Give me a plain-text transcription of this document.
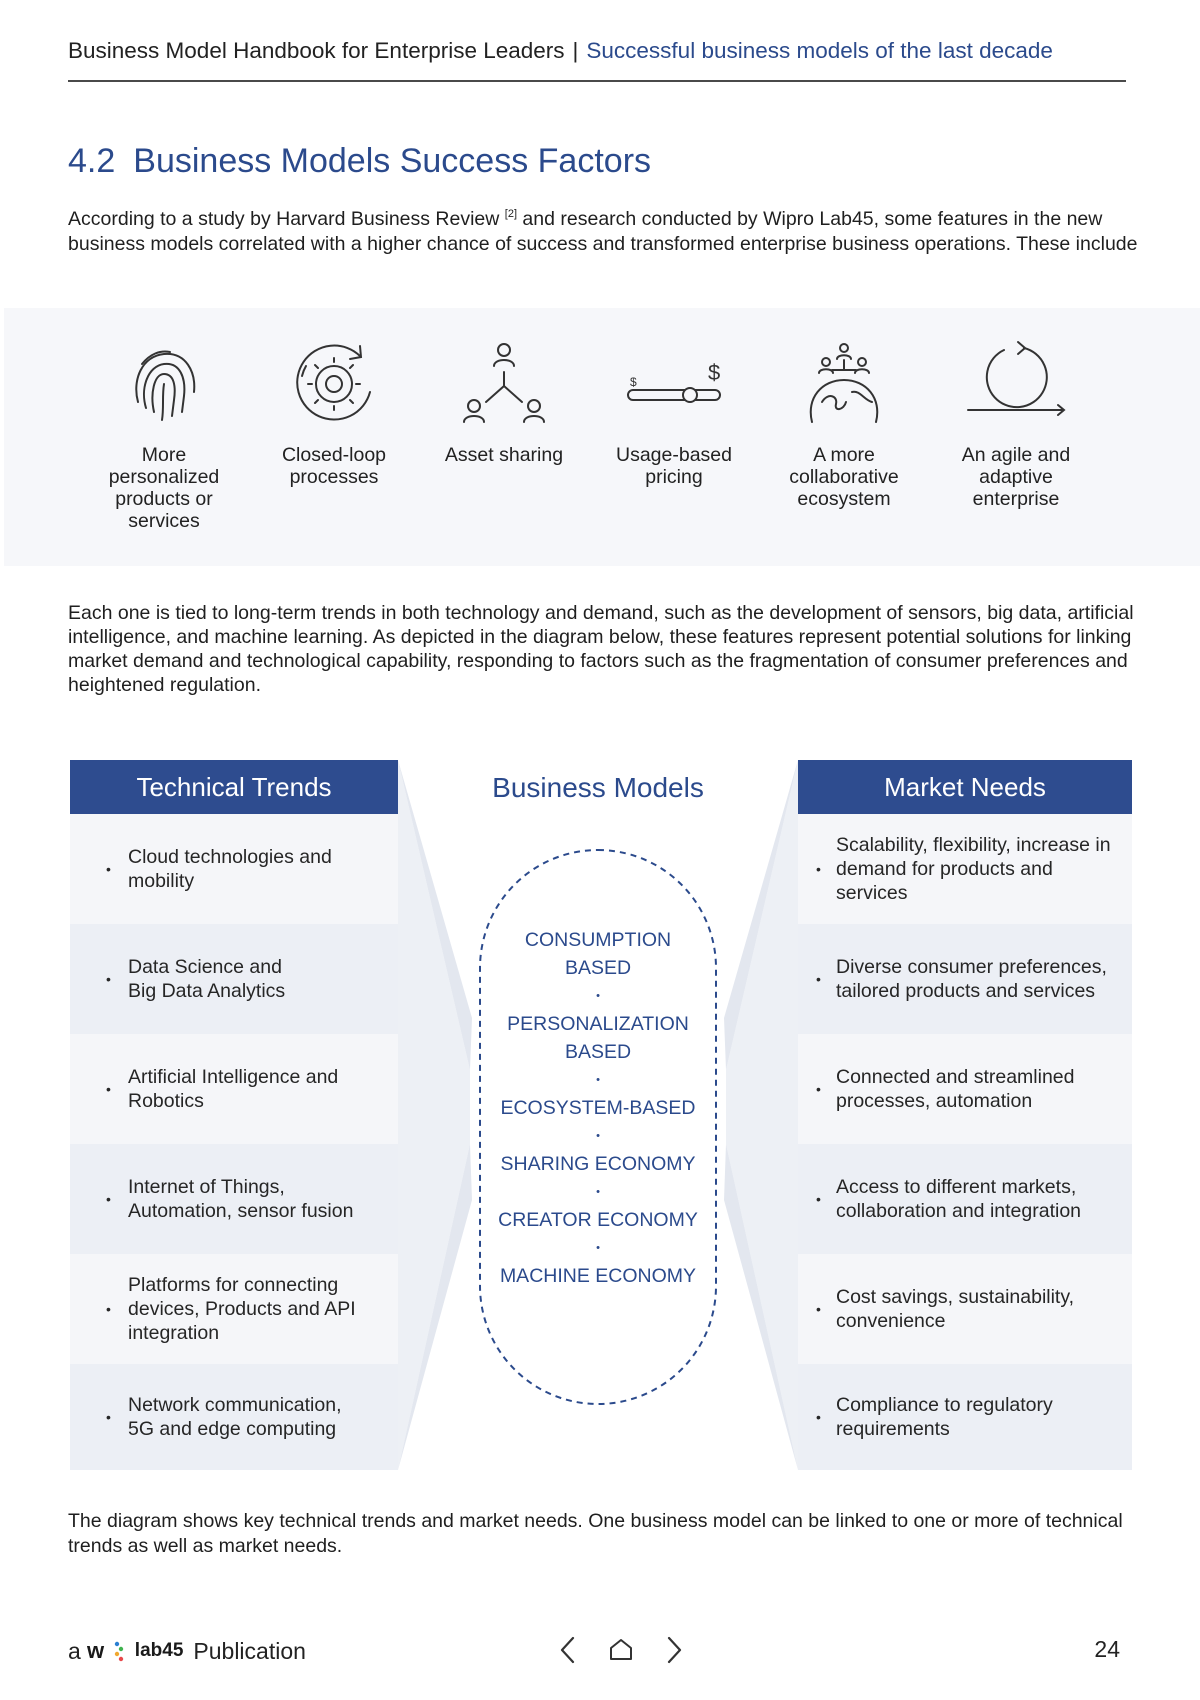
Business Model Handbook for Enterprise Leaders | Successful business models of the last decade
4.2 Business Models Success Factors

According to a study by Harvard Business Review [2] and research conducted by Wipro Lab45, some features in the new business models correlated with a higher chance of success and transformed enterprise business operations. These include

More personalized products or services
Closed-loop processes
Asset sharing
$	$
Usage-based pricing
A more collaborative ecosystem
An agile and adaptive enterprise

Each one is tied to long-term trends in both technology and demand, such as the development of sensors, big data, artificial intelligence, and machine learning. As depicted in the diagram below, these features represent potential solutions for linking market demand and technological capability, responding to factors such as the fragmentation of consumer preferences and heightened regulation.

Technical Trends	Market Needs
Business Models
•
Cloud technologies and mobility
•
Data Science and Big Data Analytics
•
Artificial Intelligence and Robotics
•
Internet of Things, Automation, sensor fusion
•
Platforms for connecting devices, Products and API integration
•
Network communication, 5G and edge computing
•
Scalability, flexibility, increase in demand for products and services
•
Diverse consumer preferences, tailored products and services
•
Connected and streamlined processes, automation
•
Access to different markets, collaboration and integration
•
Cost savings, sustainability, convenience
•
Compliance to regulatory requirements
CONSUMPTION BASED
•
PERSONALIZATION BASED
•
ECOSYSTEM-BASED
•
SHARING ECONOMY
•
CREATOR ECONOMY
•
MACHINE ECONOMY

The diagram shows key technical trends and market needs. One business model can be linked to one or more of technical trends as well as market needs.

a w lab45 Publication	24
